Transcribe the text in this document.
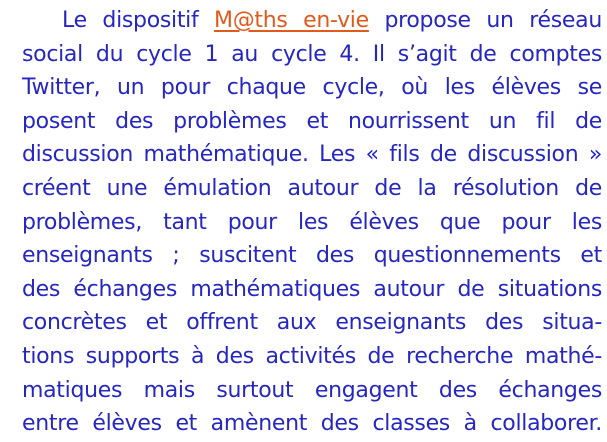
Le dispositif M@ths en-vie propose un réseau
social du cycle 1 au cycle 4. Il s’agit de comptes
Twitter, un pour chaque cycle, où les élèves se
posent des problèmes et nourrissent un fil de
discussion mathématique. Les « fils de discussion »
créent une émulation autour de la résolution de
problèmes, tant pour les élèves que pour les
enseignants ; suscitent des questionnements et
des échanges mathématiques autour de situations
concrètes et offrent aux enseignants des situa-
tions supports à des activités de recherche mathé-
matiques mais surtout engagent des échanges
entre élèves et amènent des classes à collaborer.
